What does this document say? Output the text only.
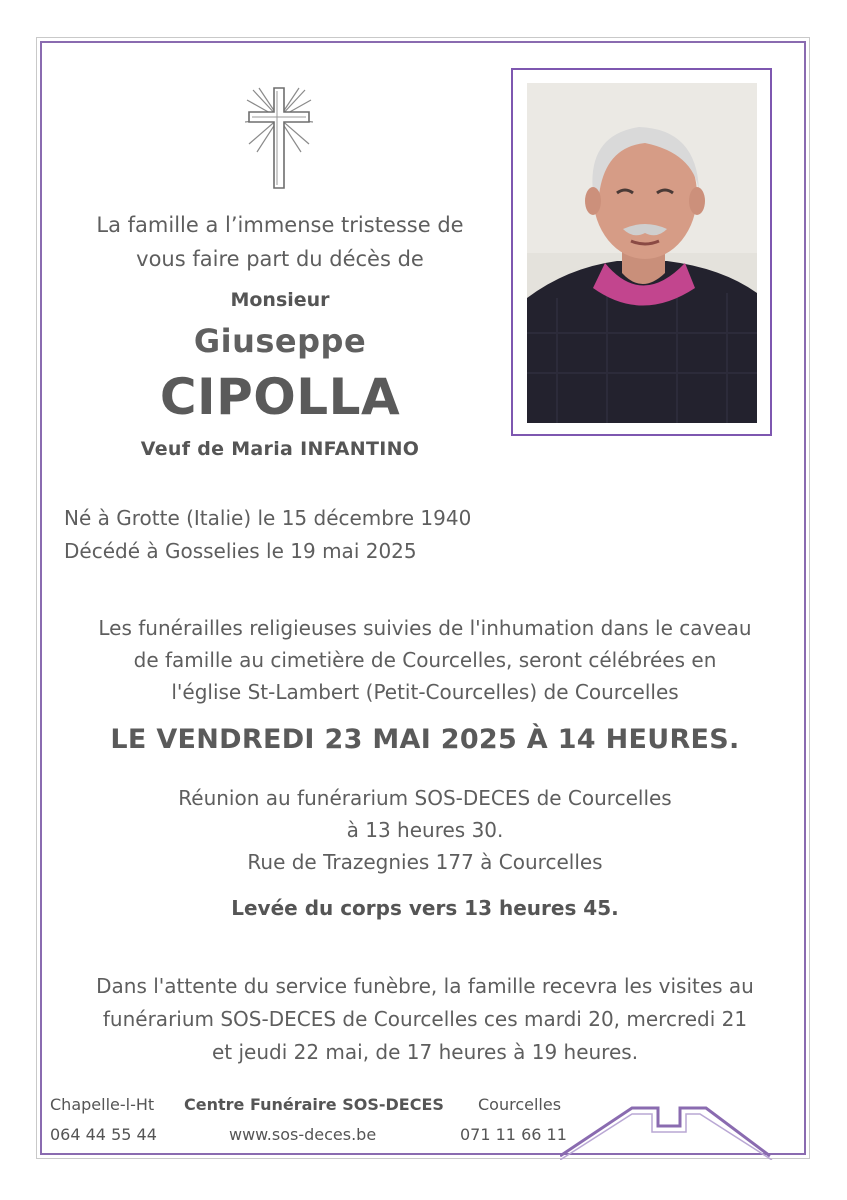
La famille a l’immense tristesse de
vous faire part du décès de
Monsieur
Giuseppe
CIPOLLA
Veuf de Maria INFANTINO
Né à Grotte (Italie) le 15 décembre 1940
Décédé à Gosselies le 19 mai 2025
Les funérailles religieuses suivies de l'inhumation dans le caveau
de famille au cimetière de Courcelles, seront célébrées en
l'église St-Lambert (Petit-Courcelles) de Courcelles
LE VENDREDI 23 MAI 2025 À 14 HEURES.
Réunion au funérarium SOS-DECES de Courcelles
à 13 heures 30.
Rue de Trazegnies 177 à Courcelles
Levée du corps vers 13 heures 45.
Dans l'attente du service funèbre, la famille recevra les visites au
funérarium SOS-DECES de Courcelles ces mardi 20, mercredi 21
et jeudi 22 mai, de 17 heures à 19 heures.
Chapelle-l-Ht
064 44 55 44
Centre Funéraire SOS-DECES
www.sos-deces.be
Courcelles
071 11 66 11
